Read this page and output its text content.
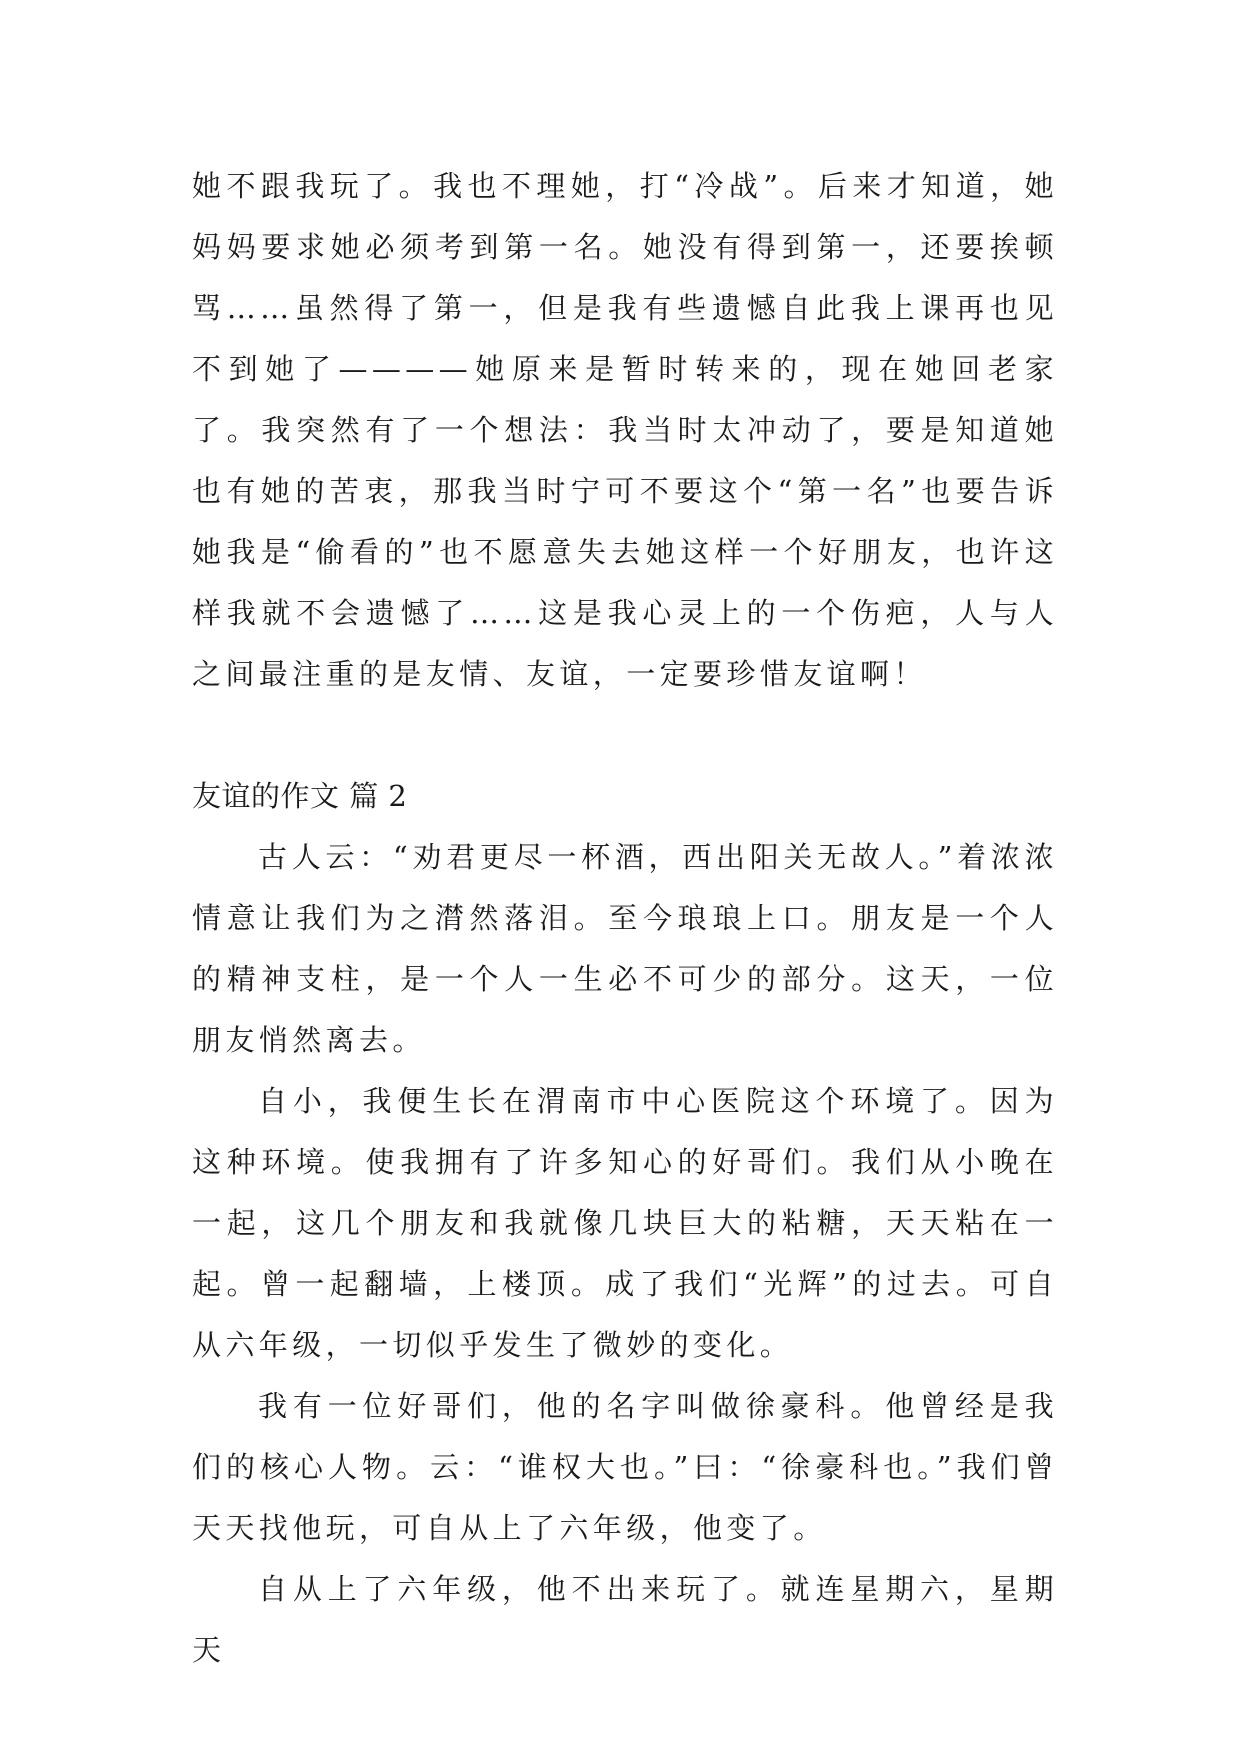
她不跟我玩了。我也不理她，打“冷战”。后来才知道，她妈妈要求她必须考到第一名。她没有得到第一，还要挨顿骂……虽然得了第一，但是我有些遗憾自此我上课再也见不到她了————她原来是暂时转来的，现在她回老家了。我突然有了一个想法：我当时太冲动了，要是知道她也有她的苦衷，那我当时宁可不要这个“第一名”也要告诉她我是“偷看的”也不愿意失去她这样一个好朋友，也许这样我就不会遗憾了……这是我心灵上的一个伤疤，人与人之间最注重的是友情、友谊，一定要珍惜友谊啊！

友谊的作文 篇 2

古人云：“劝君更尽一杯酒，西出阳关无故人。”着浓浓情意让我们为之潸然落泪。至今琅琅上口。朋友是一个人的精神支柱，是一个人一生必不可少的部分。这天，一位朋友悄然离去。

自小，我便生长在渭南市中心医院这个环境了。因为这种环境。使我拥有了许多知心的好哥们。我们从小晚在一起，这几个朋友和我就像几块巨大的粘糖，天天粘在一起。曾一起翻墙，上楼顶。成了我们“光辉”的过去。可自从六年级，一切似乎发生了微妙的变化。

我有一位好哥们，他的名字叫做徐豪科。他曾经是我们的核心人物。云：“谁权大也。”曰：“徐豪科也。”我们曾天天找他玩，可自从上了六年级，他变了。

自从上了六年级，他不出来玩了。就连星期六，星期天
